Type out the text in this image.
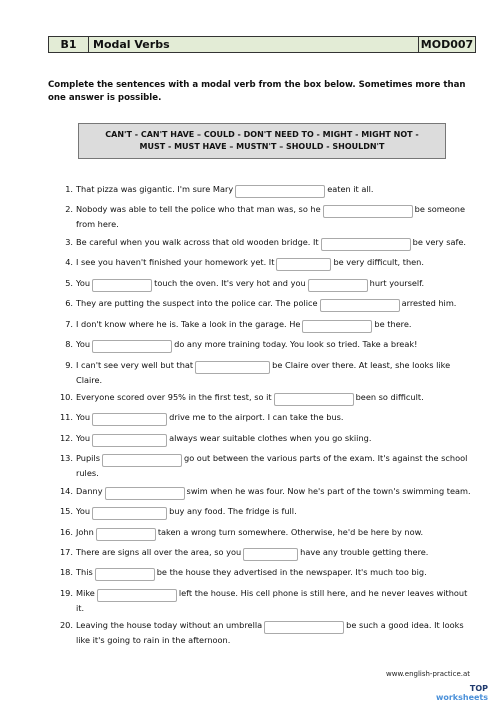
B1	Modal Verbs	MOD007
Complete the sentences with a modal verb from the box below. Sometimes more than one answer is possible.
CAN'T - CAN'T HAVE – COULD - DON'T NEED TO - MIGHT - MIGHT NOT - MUST - MUST HAVE – MUSTN'T – SHOULD - SHOULDN'T
1. That pizza was gigantic. I'm sure Mary	eaten it all.
2. Nobody was able to tell the police who that man was, so he	be someone from here.
3. Be careful when you walk across that old wooden bridge. It	be very safe.
4. I see you haven't finished your homework yet. It	be very difficult, then.
5. You	touch the oven. It's very hot and you	hurt yourself.
6. They are putting the suspect into the police car. The police	arrested him.
7. I don't know where he is. Take a look in the garage. He	be there.
8. You	do any more training today. You look so tried. Take a break!
9. I can't see very well but that	be Claire over there. At least, she looks like Claire.
10. Everyone scored over 95% in the first test, so it	been so difficult.
11. You	drive me to the airport. I can take the bus.
12. You	always wear suitable clothes when you go skiing.
13. Pupils	go out between the various parts of the exam. It's against the school rules.
14. Danny	swim when he was four. Now he's part of the town's swimming team.
15. You	buy any food. The fridge is full.
16. John	taken a wrong turn somewhere. Otherwise, he'd be here by now.
17. There are signs all over the area, so you	have any trouble getting there.
18. This	be the house they advertised in the newspaper. It's much too big.
19. Mike	left the house. His cell phone is still here, and he never leaves without it.
20. Leaving the house today without an umbrella	be such a good idea. It looks like it's going to rain in the afternoon.
www.english-practice.at
TOP
worksheets
